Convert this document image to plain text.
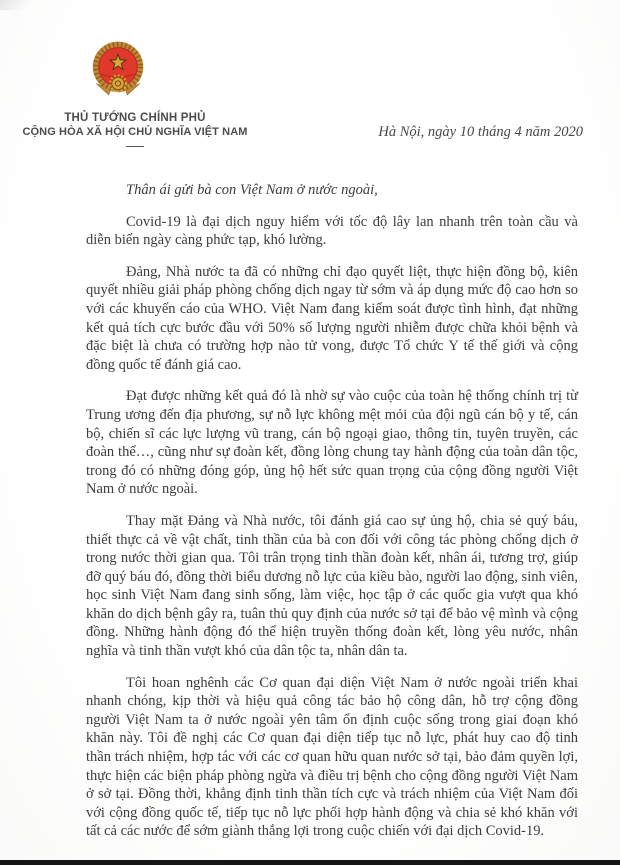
THỦ TƯỚNG CHÍNH PHỦ
CỘNG HÒA XÃ HỘI CHỦ NGHĨA VIỆT NAM	Hà Nội, ngày 10 tháng 4 năm 2020

Thân ái gửi bà con Việt Nam ở nước ngoài,

Covid-19 là đại dịch nguy hiểm với tốc độ lây lan nhanh trên toàn cầu và diễn biến ngày càng phức tạp, khó lường.

Đảng, Nhà nước ta đã có những chỉ đạo quyết liệt, thực hiện đồng bộ, kiên quyết nhiều giải pháp phòng chống dịch ngay từ sớm và áp dụng mức độ cao hơn so với các khuyến cáo của WHO. Việt Nam đang kiểm soát được tình hình, đạt những kết quả tích cực bước đầu với 50% số lượng người nhiễm được chữa khỏi bệnh và đặc biệt là chưa có trường hợp nào tử vong, được Tổ chức Y tế thế giới và cộng đồng quốc tế đánh giá cao.

Đạt được những kết quả đó là nhờ sự vào cuộc của toàn hệ thống chính trị từ Trung ương đến địa phương, sự nỗ lực không mệt mỏi của đội ngũ cán bộ y tế, cán bộ, chiến sĩ các lực lượng vũ trang, cán bộ ngoại giao, thông tin, tuyên truyền, các đoàn thể…, cũng như sự đoàn kết, đồng lòng chung tay hành động của toàn dân tộc, trong đó có những đóng góp, ủng hộ hết sức quan trọng của cộng đồng người Việt Nam ở nước ngoài.

Thay mặt Đảng và Nhà nước, tôi đánh giá cao sự ủng hộ, chia sẻ quý báu, thiết thực cả về vật chất, tinh thần của bà con đối với công tác phòng chống dịch ở trong nước thời gian qua. Tôi trân trọng tinh thần đoàn kết, nhân ái, tương trợ, giúp đỡ quý báu đó, đồng thời biểu dương nỗ lực của kiều bào, người lao động, sinh viên, học sinh Việt Nam đang sinh sống, làm việc, học tập ở các quốc gia vượt qua khó khăn do dịch bệnh gây ra, tuân thủ quy định của nước sở tại để bảo vệ mình và cộng đồng. Những hành động đó thể hiện truyền thống đoàn kết, lòng yêu nước, nhân nghĩa và tinh thần vượt khó của dân tộc ta, nhân dân ta.

Tôi hoan nghênh các Cơ quan đại diện Việt Nam ở nước ngoài triển khai nhanh chóng, kịp thời và hiệu quả công tác bảo hộ công dân, hỗ trợ cộng đồng người Việt Nam ta ở nước ngoài yên tâm ổn định cuộc sống trong giai đoạn khó khăn này. Tôi đề nghị các Cơ quan đại diện tiếp tục nỗ lực, phát huy cao độ tinh thần trách nhiệm, hợp tác với các cơ quan hữu quan nước sở tại, bảo đảm quyền lợi, thực hiện các biện pháp phòng ngừa và điều trị bệnh cho cộng đồng người Việt Nam ở sở tại. Đồng thời, khẳng định tinh thần tích cực và trách nhiệm của Việt Nam đối với cộng đồng quốc tế, tiếp tục nỗ lực phối hợp hành động và chia sẻ khó khăn với tất cả các nước để sớm giành thắng lợi trong cuộc chiến với đại dịch Covid-19.
